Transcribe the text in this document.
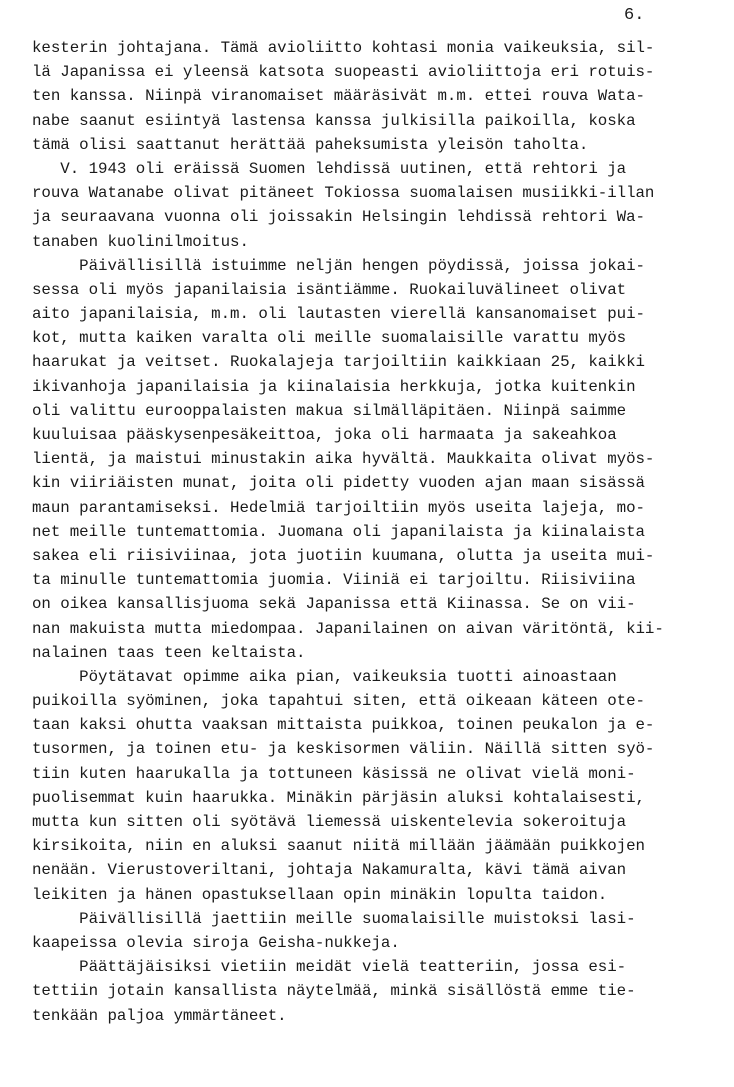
6.

kesterin johtajana. Tämä avioliitto kohtasi monia vaikeuksia, sil-
lä Japanissa ei yleensä katsota suopeasti avioliittoja eri rotuis-
ten kanssa. Niinpä viranomaiset määräsivät m.m. ettei rouva Wata-
nabe saanut esiintyä lastensa kanssa julkisilla paikoilla, koska
tämä olisi saattanut herättää paheksumista yleisön taholta.
V. 1943 oli eräissä Suomen lehdissä uutinen, että rehtori ja
rouva Watanabe olivat pitäneet Tokiossa suomalaisen musiikki-illan
ja seuraavana vuonna oli joissakin Helsingin lehdissä rehtori Wa-
tanaben kuolinilmoitus.
Päivällisillä istuimme neljän hengen pöydissä, joissa jokai-
sessa oli myös japanilaisia isäntiämme. Ruokailuvälineet olivat
aito japanilaisia, m.m. oli lautasten vierellä kansanomaiset pui-
kot, mutta kaiken varalta oli meille suomalaisille varattu myös
haarukat ja veitset. Ruokalajeja tarjoiltiin kaikkiaan 25, kaikki
ikivanhoja japanilaisia ja kiinalaisia herkkuja, jotka kuitenkin
oli valittu eurooppalaisten makua silmälläpitäen. Niinpä saimme
kuuluisaa pääskysenpesäkeittoa, joka oli harmaata ja sakeahkoa
lientä, ja maistui minustakin aika hyvältä. Maukkaita olivat myös-
kin viiriäisten munat, joita oli pidetty vuoden ajan maan sisässä
maun parantamiseksi. Hedelmiä tarjoiltiin myös useita lajeja, mo-
net meille tuntemattomia. Juomana oli japanilaista ja kiinalaista
sakea eli riisiviinaa, jota juotiin kuumana, olutta ja useita mui-
ta minulle tuntemattomia juomia. Viiniä ei tarjoiltu. Riisiviina
on oikea kansallisjuoma sekä Japanissa että Kiinassa. Se on vii-
nan makuista mutta miedompaa. Japanilainen on aivan väritöntä, kii-
nalainen taas teen keltaista.
Pöytätavat opimme aika pian, vaikeuksia tuotti ainoastaan
puikoilla syöminen, joka tapahtui siten, että oikeaan käteen ote-
taan kaksi ohutta vaaksan mittaista puikkoa, toinen peukalon ja e-
tusormen, ja toinen etu- ja keskisormen väliin. Näillä sitten syö-
tiin kuten haarukalla ja tottuneen käsissä ne olivat vielä moni-
puolisemmat kuin haarukka. Minäkin pärjäsin aluksi kohtalaisesti,
mutta kun sitten oli syötävä liemessä uiskentelevia sokeroituja
kirsikoita, niin en aluksi saanut niitä millään jäämään puikkojen
nenään. Vierustoveriltani, johtaja Nakamuralta, kävi tämä aivan
leikiten ja hänen opastuksellaan opin minäkin lopulta taidon.
Päivällisillä jaettiin meille suomalaisille muistoksi lasi-
kaapeissa olevia siroja Geisha-nukkeja.
Päättäjäisiksi vietiin meidät vielä teatteriin, jossa esi-
tettiin jotain kansallista näytelmää, minkä sisällöstä emme tie-
tenkään paljoa ymmärtäneet.
